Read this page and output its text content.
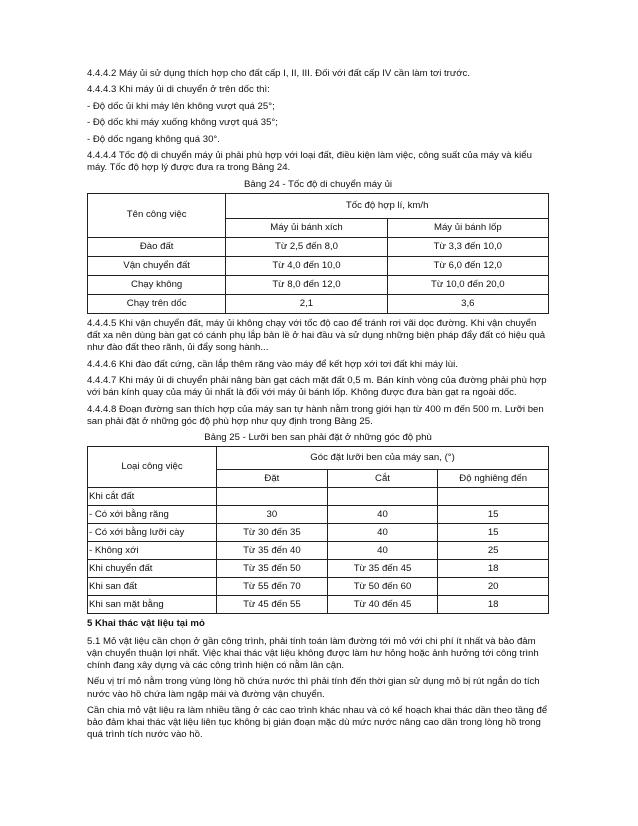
4.4.4.2 Máy ủi sử dụng thích hợp cho đất cấp I, II, III. Đối với đất cấp IV cần làm tơi trước.

4.4.4.3 Khi máy ủi di chuyển ở trên dốc thì:

- Độ dốc ủi khi máy lên không vượt quá 25°;

- Độ dốc khi máy xuống không vượt quá 35°;

- Độ dốc ngang không quá 30°.

4.4.4.4 Tốc độ di chuyển máy ủi phải phù hợp với loại đất, điều kiện làm việc, công suất của máy và kiểu máy. Tốc độ hợp lý được đưa ra trong Bảng 24.

Bảng 24 - Tốc độ di chuyển máy ủi
Tên công việc	Tốc độ hợp lí, km/h	
	Máy ủi bánh xích	Máy ủi bánh lốp
Đào đất	Từ 2,5 đến 8,0	Từ 3,3 đến 10,0
Vận chuyển đất	Từ 4,0 đến 10,0	Từ 6,0 đến 12,0
Chạy không	Từ 8,0 đến 12,0	Từ 10,0 đến 20,0
Chạy trên dốc	2,1	3,6

4.4.4.5 Khi vận chuyển đất, máy ủi không chạy với tốc độ cao để tránh rơi vãi dọc đường. Khi vận chuyển đất xa nên dùng bàn gạt có cánh phụ lắp bản lề ở hai đầu và sử dụng những biện pháp đẩy đất có hiệu quả như đào đất theo rãnh, ủi đẩy song hành...

4.4.4.6 Khi đào đất cứng, cần lắp thêm răng vào máy để kết hợp xới tơi đất khi máy lùi.

4.4.4.7 Khi máy ủi di chuyển phải nâng bàn gạt cách mặt đất 0,5 m. Bán kính vòng của đường phải phù hợp với bán kính quay của máy ủi nhất là đối với máy ủi bánh lốp. Không được đưa bàn gạt ra ngoài dốc.

4.4.4.8 Đoạn đường san thích hợp của máy san tự hành nằm trong giới hạn từ 400 m đến 500 m. Lưỡi ben san phải đặt ở những góc độ phù hợp như quy định trong Bảng 25.

Bảng 25 - Lưỡi ben san phải đặt ở những góc độ phù
Loại công việc	Góc đặt lưỡi ben của máy san, (°)		
	Đặt	Cắt	Độ nghiêng đến
Khi cắt đất			
- Có xới bằng răng	30	40	15
- Có xới bằng lưỡi cày	Từ 30 đến 35	40	15
- Không xới	Từ 35 đến 40	40	25
Khi chuyển đất	Từ 35 đến 50	Từ 35 đến 45	18
Khi san đất	Từ 55 đến 70	Từ 50 đến 60	20
Khi san mặt bằng	Từ 45 đến 55	Từ 40 đến 45	18

5 Khai thác vật liệu tại mỏ

5.1 Mỏ vật liệu cần chọn ở gần công trình, phải tính toán làm đường tới mỏ với chi phí ít nhất và bảo đảm vận chuyển thuận lợi nhất. Việc khai thác vật liệu không được làm hư hỏng hoặc ảnh hưởng tới công trình chính đang xây dựng và các công trình hiện có nằm lân cận.

Nếu vị trí mỏ nằm trong vùng lòng hồ chứa nước thì phải tính đến thời gian sử dụng mỏ bị rút ngắn do tích nước vào hồ chứa làm ngập mái và đường vận chuyển.

Cần chia mỏ vật liệu ra làm nhiều tầng ở các cao trình khác nhau và có kế hoạch khai thác dần theo tầng để bảo đảm khai thác vật liệu liên tục không bị gián đoạn mặc dù mức nước nâng cao dần trong lòng hồ trong quá trình tích nước vào hồ.
